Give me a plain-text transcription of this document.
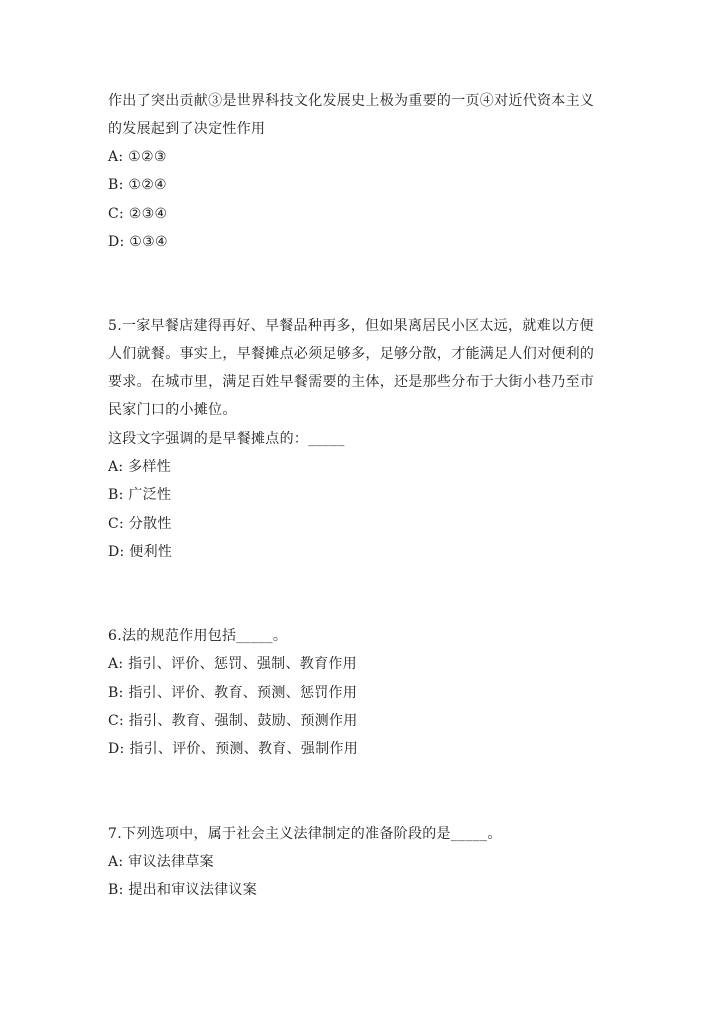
作出了突出贡献③是世界科技文化发展史上极为重要的一页④对近代资本主义
的发展起到了决定性作用
A: ①②③
B: ①②④
C: ②③④
D: ①③④
5.一家早餐店建得再好、早餐品种再多，但如果离居民小区太远，就难以方便
人们就餐。事实上，早餐摊点必须足够多，足够分散，才能满足人们对便利的
要求。在城市里，满足百姓早餐需要的主体，还是那些分布于大街小巷乃至市
民家门口的小摊位。
这段文字强调的是早餐摊点的：_____
A: 多样性
B: 广泛性
C: 分散性
D: 便利性
6.法的规范作用包括_____。
A: 指引、评价、惩罚、强制、教育作用
B: 指引、评价、教育、预测、惩罚作用
C: 指引、教育、强制、鼓励、预测作用
D: 指引、评价、预测、教育、强制作用
7.下列选项中，属于社会主义法律制定的准备阶段的是_____。
A: 审议法律草案
B: 提出和审议法律议案
